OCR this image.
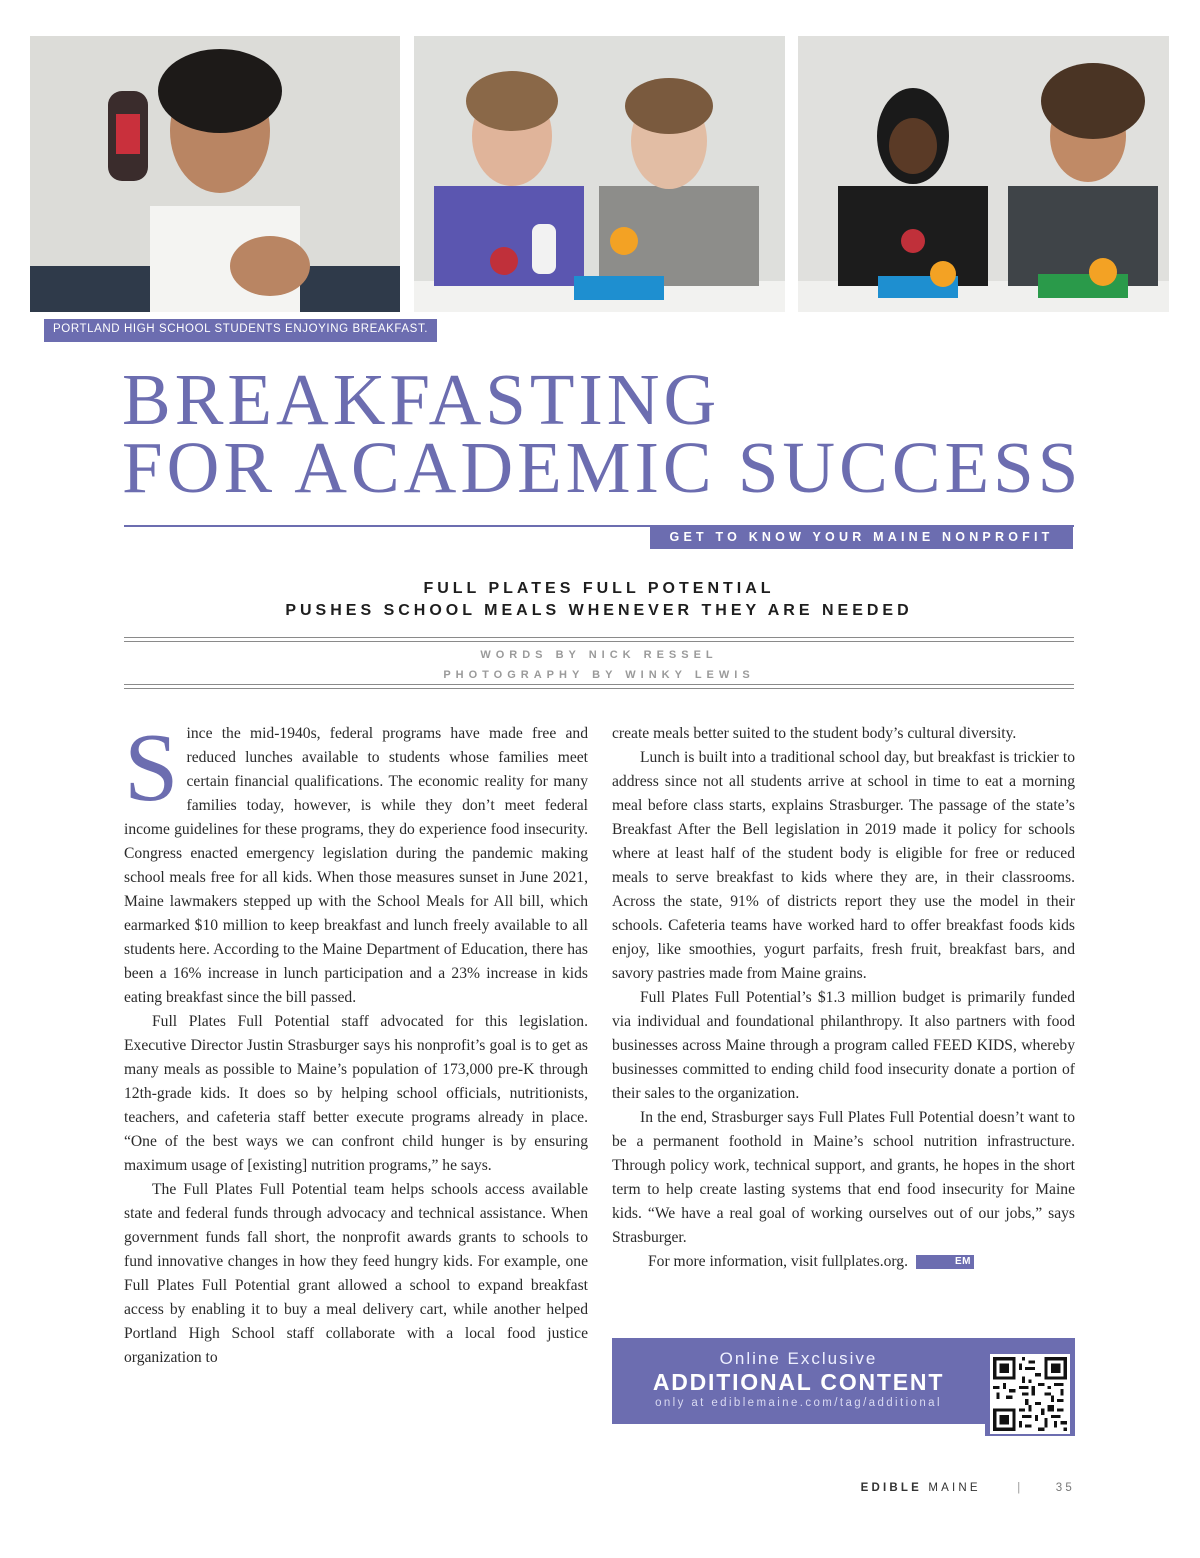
PORTLAND HIGH SCHOOL STUDENTS ENJOYING BREAKFAST.
BREAKFASTING
FOR ACADEMIC SUCCESS
GET TO KNOW YOUR MAINE NONPROFIT
FULL PLATES FULL POTENTIAL
PUSHES SCHOOL MEALS WHENEVER THEY ARE NEEDED
WORDS BY NICK RESSEL
PHOTOGRAPHY BY WINKY LEWIS

Since the mid-1940s, federal programs have made free and reduced lunches available to students whose families meet certain financial qualifications. The economic reality for many families today, however, is while they don’t meet federal income guidelines for these programs, they do experience food insecurity. Congress enacted emergency legislation during the pandemic making school meals free for all kids. When those measures sunset in June 2021, Maine lawmakers stepped up with the School Meals for All bill, which earmarked $10 million to keep breakfast and lunch freely available to all students here. According to the Maine Department of Education, there has been a 16% increase in lunch participation and a 23% increase in kids eating breakfast since the bill passed.

Full Plates Full Potential staff advocated for this legislation. Executive Director Justin Strasburger says his nonprofit’s goal is to get as many meals as possible to Maine’s population of 173,000 pre-K through 12th-grade kids. It does so by helping school officials, nutritionists, teachers, and cafeteria staff better execute programs already in place. “One of the best ways we can confront child hunger is by ensuring maximum usage of [existing] nutrition programs,” he says.

The Full Plates Full Potential team helps schools access available state and federal funds through advocacy and technical assistance. When government funds fall short, the nonprofit awards grants to schools to fund innovative changes in how they feed hungry kids. For example, one Full Plates Full Potential grant allowed a school to expand breakfast access by enabling it to buy a meal delivery cart, while another helped Portland High School staff collaborate with a local food justice organization to

create meals better suited to the student body’s cultural diversity.

Lunch is built into a traditional school day, but breakfast is trickier to address since not all students arrive at school in time to eat a morning meal before class starts, explains Strasburger. The passage of the state’s Breakfast After the Bell legislation in 2019 made it policy for schools where at least half of the student body is eligible for free or reduced meals to serve breakfast to kids where they are, in their classrooms. Across the state, 91% of districts report they use the model in their schools. Cafeteria teams have worked hard to offer breakfast foods kids enjoy, like smoothies, yogurt parfaits, fresh fruit, breakfast bars, and savory pastries made from Maine grains.

Full Plates Full Potential’s $1.3 million budget is primarily funded via individual and foundational philanthropy. It also partners with food businesses across Maine through a program called FEED KIDS, whereby businesses committed to ending child food insecurity donate a portion of their sales to the organization.

In the end, Strasburger says Full Plates Full Potential doesn’t want to be a permanent foothold in Maine’s school nutrition infrastructure. Through policy work, technical support, and grants, he hopes in the short term to help create lasting systems that end food insecurity for Maine kids. “We have a real goal of working ourselves out of our jobs,” says Strasburger.

For more information, visit fullplates.org.	EM

Online Exclusive
ADDITIONAL CONTENT
only at ediblemaine.com/tag/additional
EDIBLE MAINE	|	35
